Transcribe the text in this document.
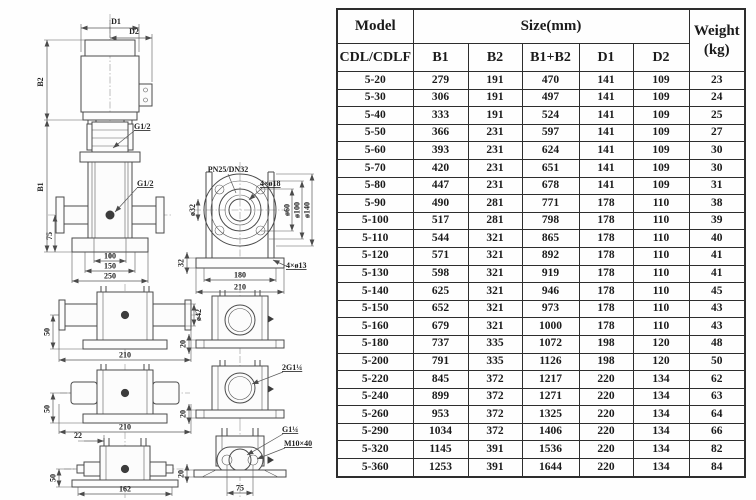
D1
D2
B2
B1
75
G1/2
G1/2
100
150
250
PN25/DN32
4×ø18
ø32	ø60 ø100 ø140
32
180
210
4×ø13
50
ø42
210
50
210
22
50
162
20
2G1¼
20
G1¼
M10×40
20
75
Model	Size(mm)					Weight
(kg)

CDL/CDLF	B1	B2	B1+B2	D1	D2	
5-20	279	191	470	141	109	23
5-30	306	191	497	141	109	24
5-40	333	191	524	141	109	25
5-50	366	231	597	141	109	27
5-60	393	231	624	141	109	30
5-70	420	231	651	141	109	30
5-80	447	231	678	141	109	31
5-90	490	281	771	178	110	38
5-100	517	281	798	178	110	39
5-110	544	321	865	178	110	40
5-120	571	321	892	178	110	41
5-130	598	321	919	178	110	41
5-140	625	321	946	178	110	45
5-150	652	321	973	178	110	43
5-160	679	321	1000	178	110	43
5-180	737	335	1072	198	120	48
5-200	791	335	1126	198	120	50
5-220	845	372	1217	220	134	62
5-240	899	372	1271	220	134	63
5-260	953	372	1325	220	134	64
5-290	1034	372	1406	220	134	66
5-320	1145	391	1536	220	134	82
5-360	1253	391	1644	220	134	84
